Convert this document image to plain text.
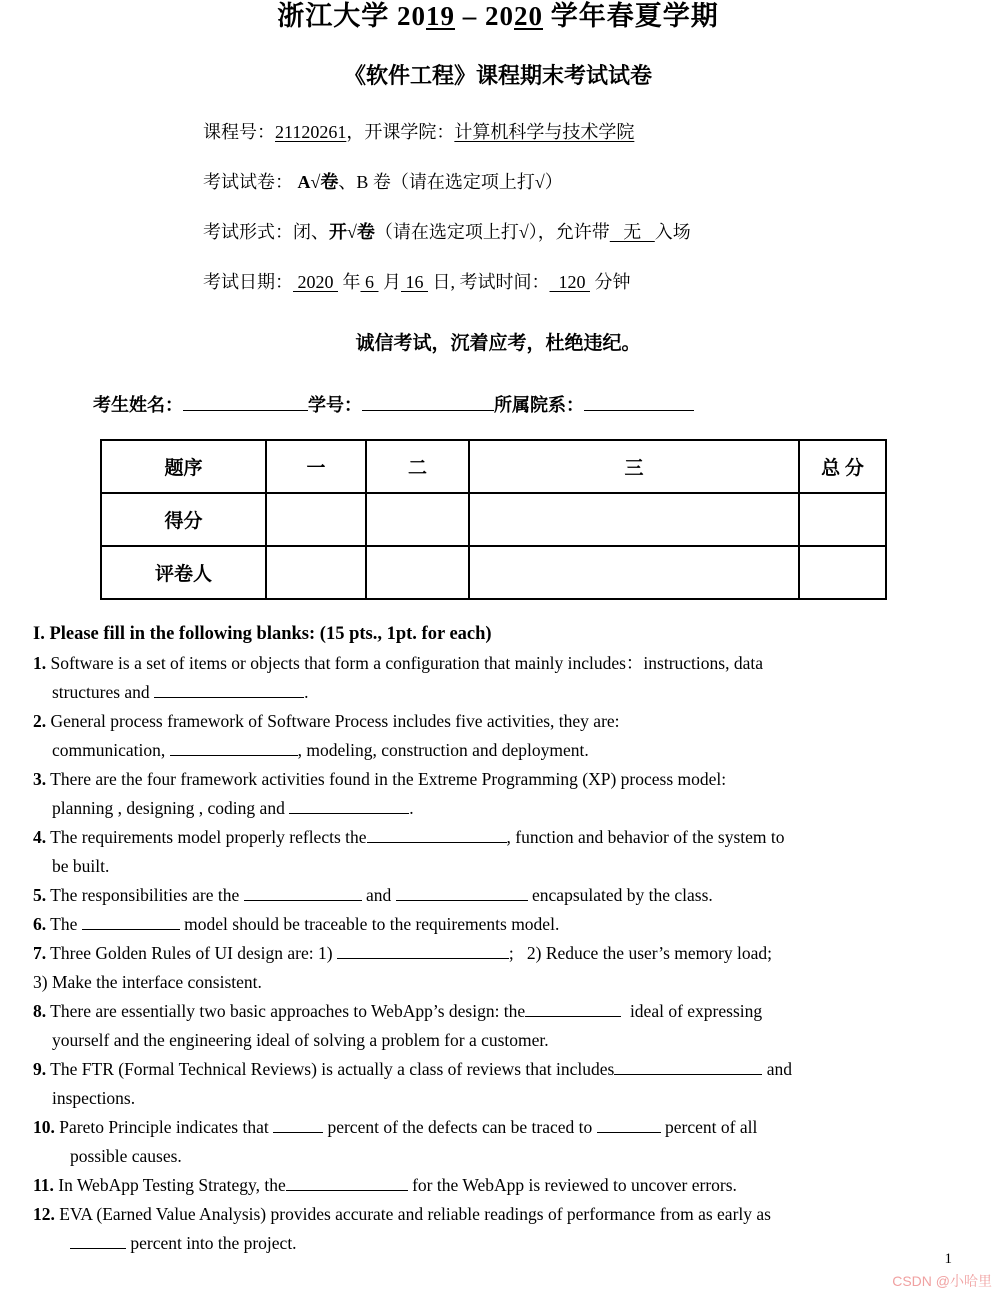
浙江大学 2019 – 2020 学年春夏学期
《软件工程》课程期末考试试卷

课程号：21120261，开课学院：计算机科学与技术学院

考试试卷： A√卷、B 卷（请在选定项上打√）

考试形式：闭、开√卷（请在选定项上打√），允许带   无   入场

考试日期： 2020  年 6  月 16  日, 考试时间：  120  分钟

诚信考试，沉着应考，杜绝违纪。

考生姓名：	学号：	所属院系：

题序	一	二	三	总 分
得分				
评卷人				

I. Please fill in the following blanks: (15 pts., 1pt. for each)

1. Software is a set of items or objects that form a configuration that mainly includes：instructions, data
structures and	.

2. General process framework of Software Process includes five activities, they are:
communication,	, modeling, construction and deployment.

3. There are the four framework activities found in the Extreme Programming (XP) process model:
planning , designing , coding and	.

4. The requirements model properly reflects the	, function and behavior of the system to
be built.

5. The responsibilities are the	and	encapsulated by the class.

6. The	model should be traceable to the requirements model.

7. Three Golden Rules of UI design are: 1)	;   2) Reduce the user’s memory load;

3) Make the interface consistent.

8. There are essentially two basic approaches to WebApp’s design: the	ideal of expressing
yourself and the engineering ideal of solving a problem for a customer.

9. The FTR (Formal Technical Reviews) is actually a class of reviews that includes	and
inspections.

10. Pareto Principle indicates that	percent of the defects can be traced to	percent of all
possible causes.

11. In WebApp Testing Strategy, the	for the WebApp is reviewed to uncover errors.

12. EVA (Earned Value Analysis) provides accurate and reliable readings of performance from as early as
percent into the project.

1
CSDN @小哈里
